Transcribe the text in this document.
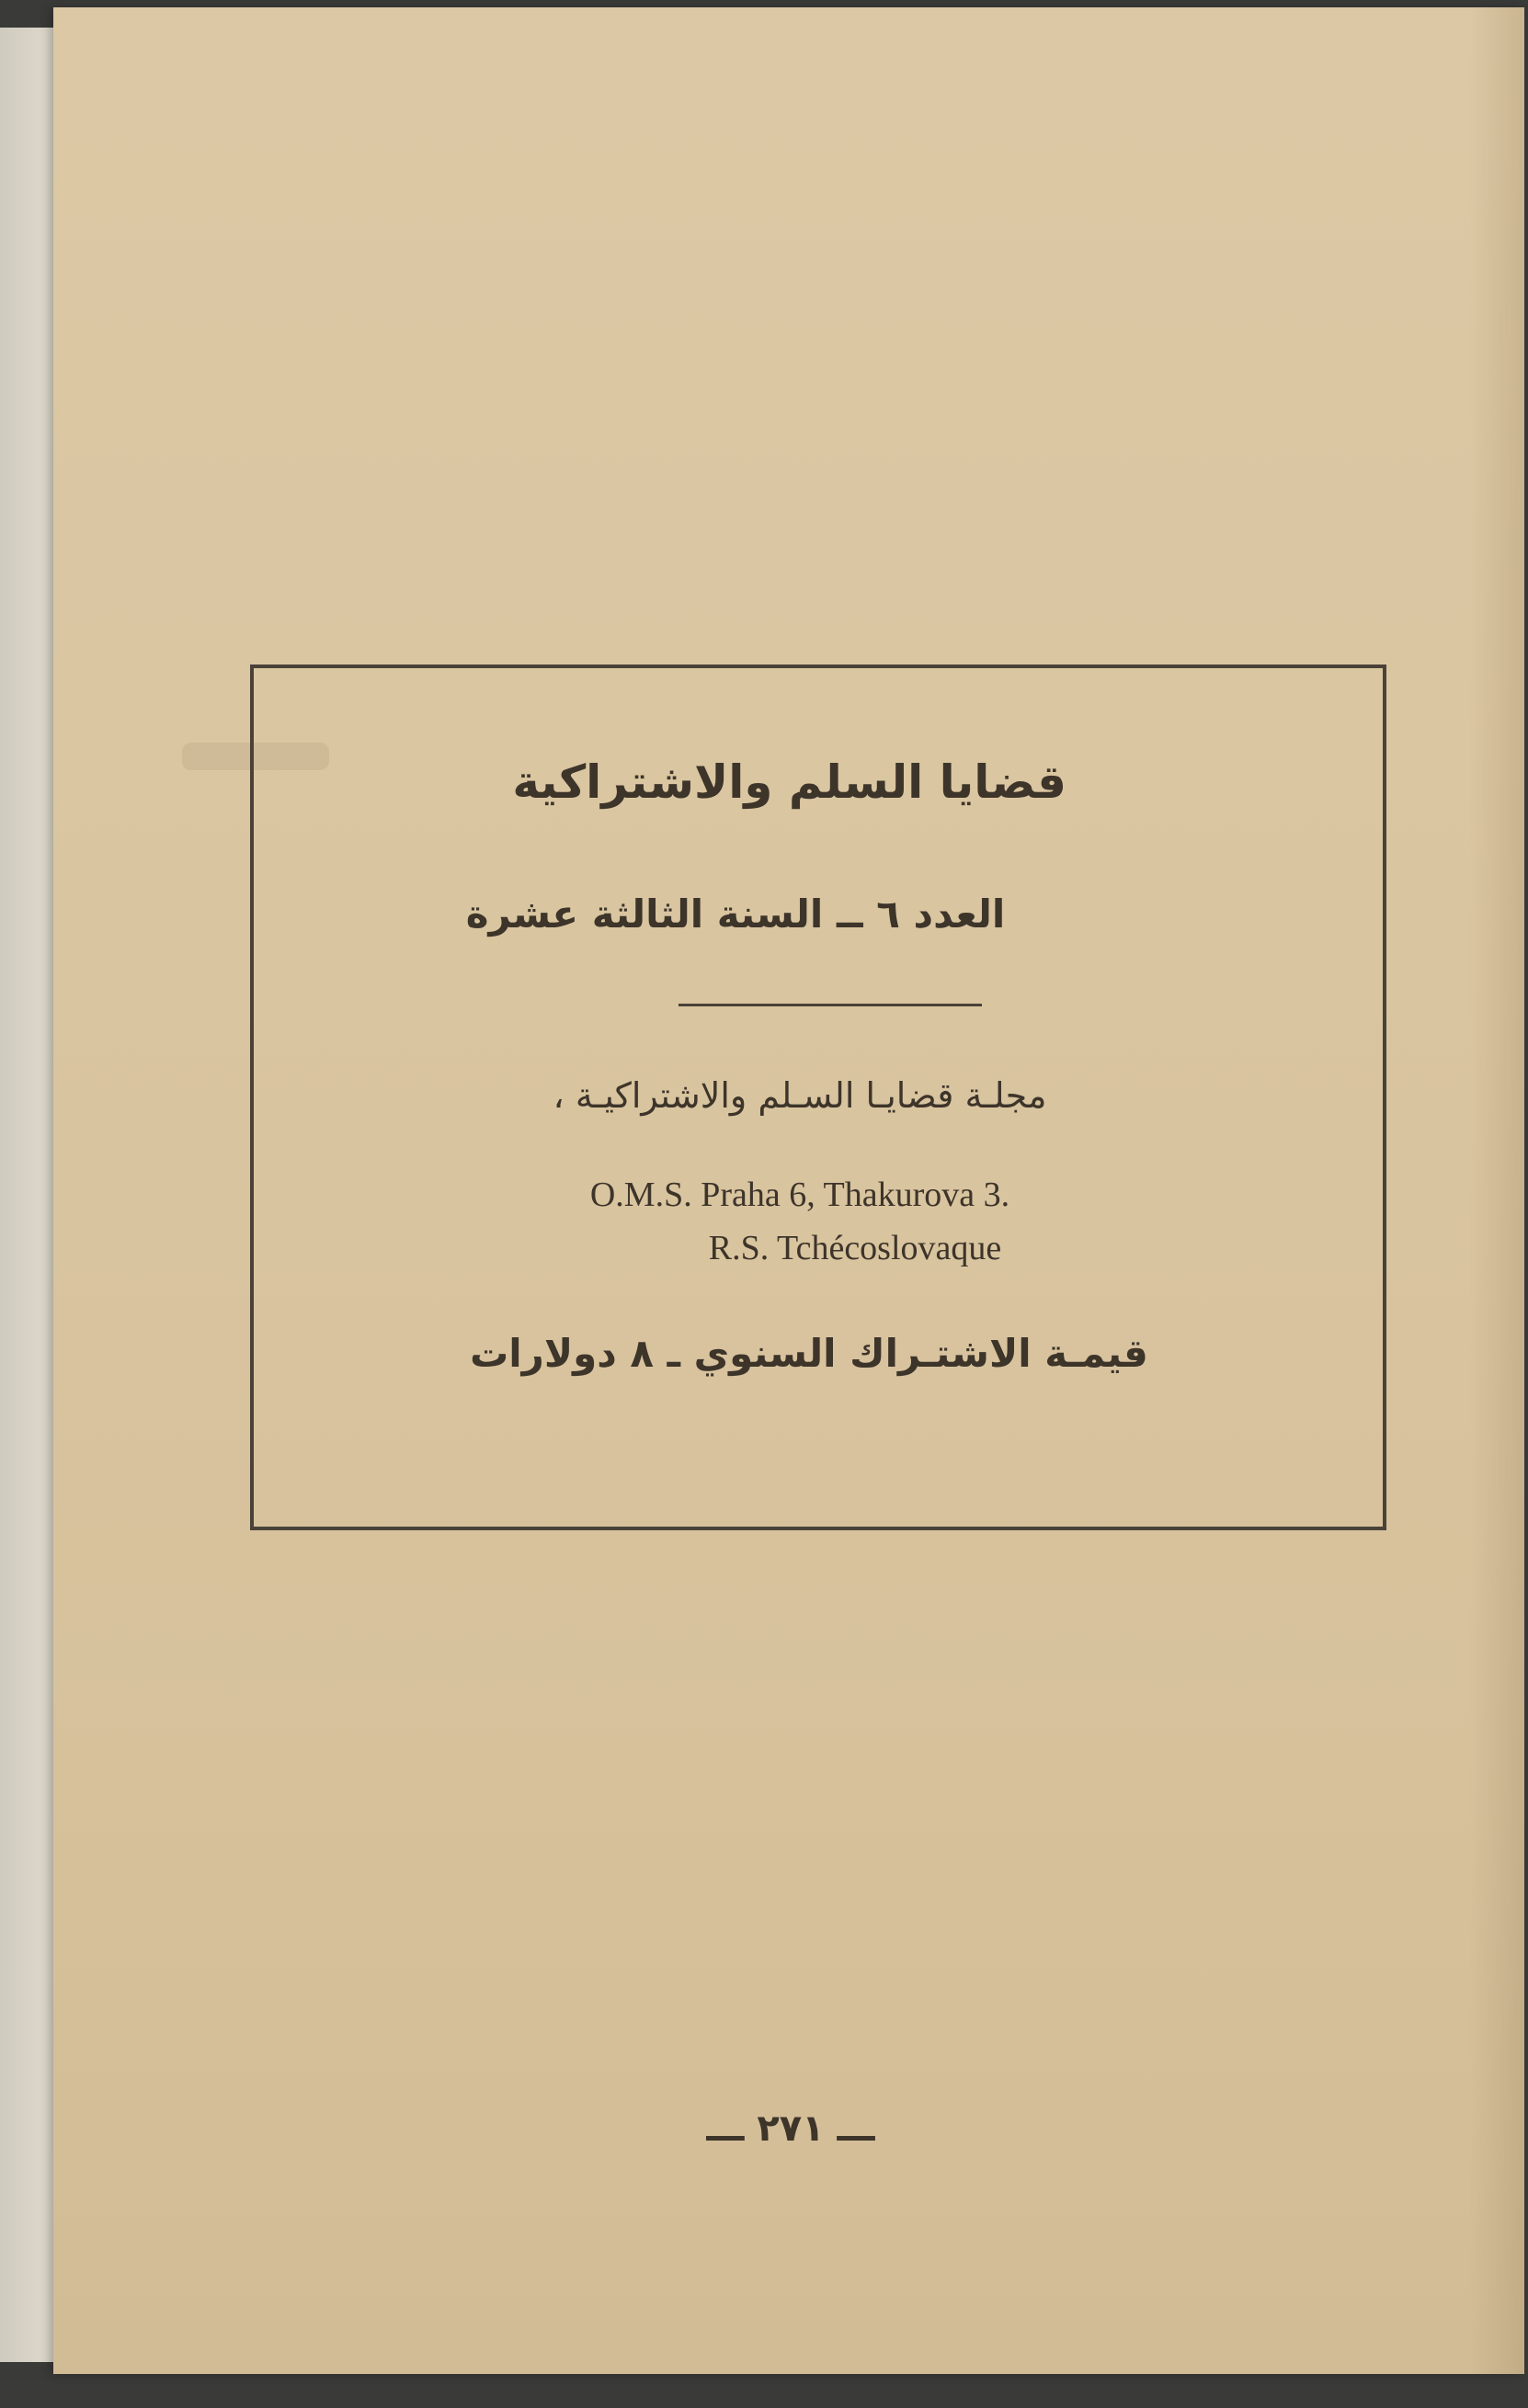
قضايا السلم والاشتراكية
العدد ٦ ــ السنة الثالثة عشرة
مجلـة قضايـا السـلم والاشتراكيـة ،
O.M.S. Praha 6, Thakurova 3.
R.S. Tchécoslovaque
قيمـة الاشتـراك السنوي ـ ٨ دولارات
ـــ ٢٧١ ـــ
